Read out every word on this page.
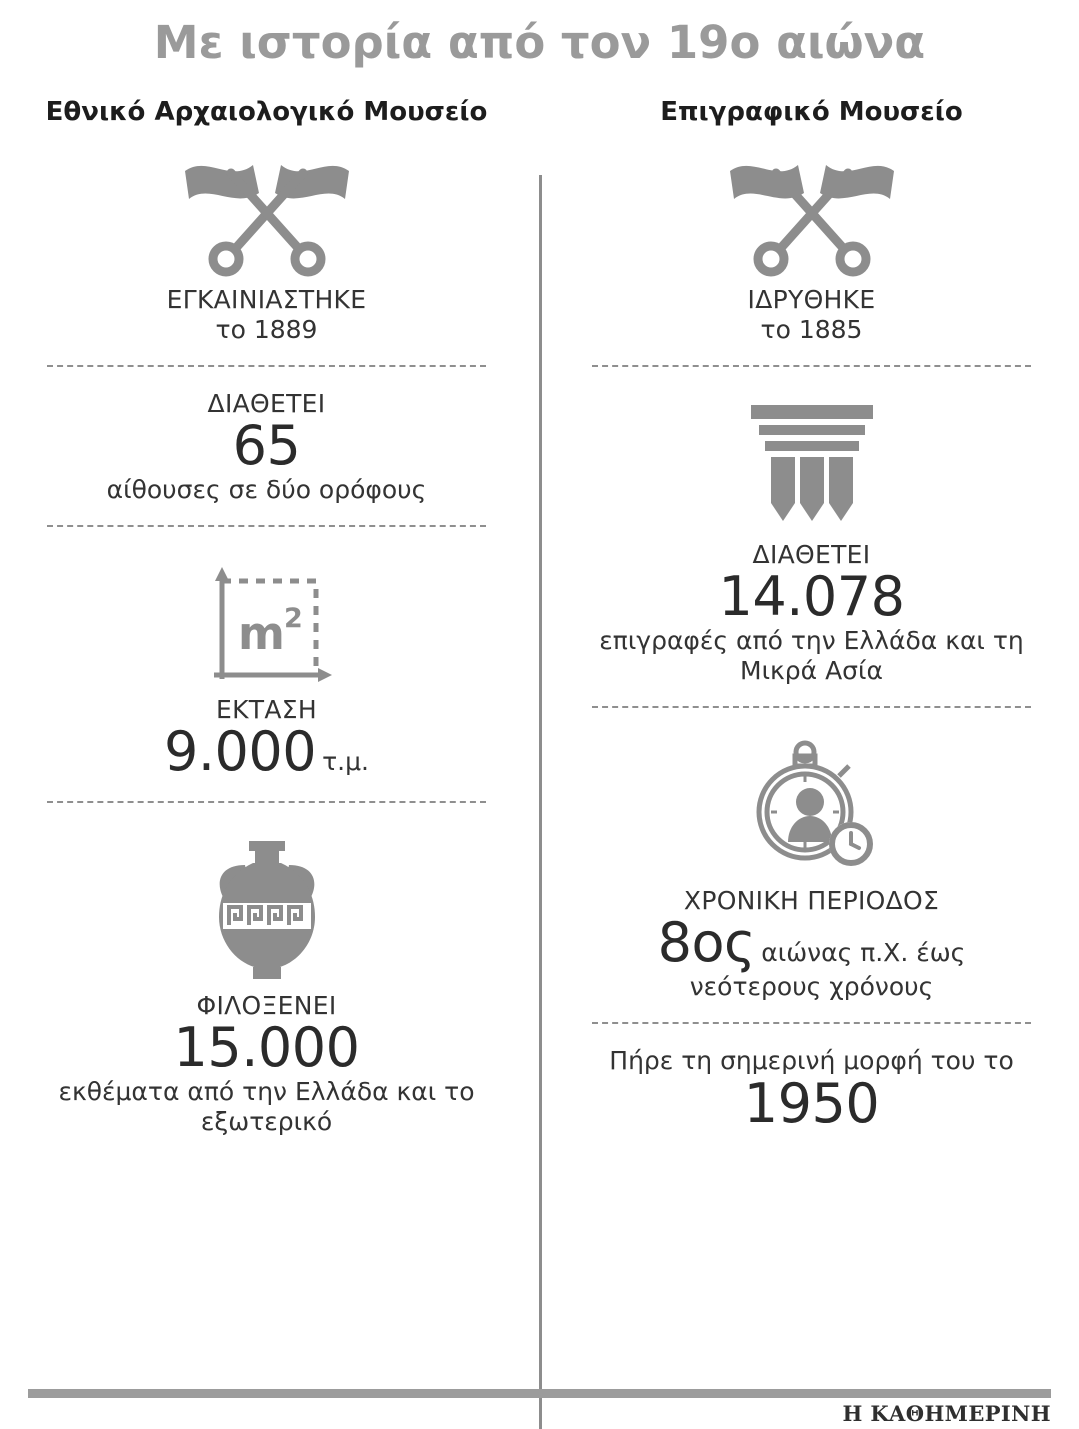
Με ιστορία από τον 19ο αιώνα
Εθνικό Αρχαιολογικό Μουσείο
ΕΓΚΑΙΝΙΑΣΤΗΚΕ
το 1889
ΔΙΑΘΕΤΕΙ
65
αίθουσες σε δύο ορόφους
m 2
ΕΚΤΑΣΗ
9.000 τ.μ.
ΦΙΛΟΞΕΝΕΙ
15.000
εκθέματα από την Ελλάδα και το εξωτερικό
Επιγραφικό Μουσείο
ΙΔΡΥΘΗΚΕ
το 1885
ΔΙΑΘΕΤΕΙ
14.078
επιγραφές από την Ελλάδα και τη Μικρά Ασία
ΧΡΟΝΙΚΗ ΠΕΡΙΟΔΟΣ
8ος αιώνας π.Χ. έως
νεότερους χρόνους
Πήρε τη σημερινή μορφή του το
1950
Η ΚΑΘΗΜΕΡΙΝΗ
